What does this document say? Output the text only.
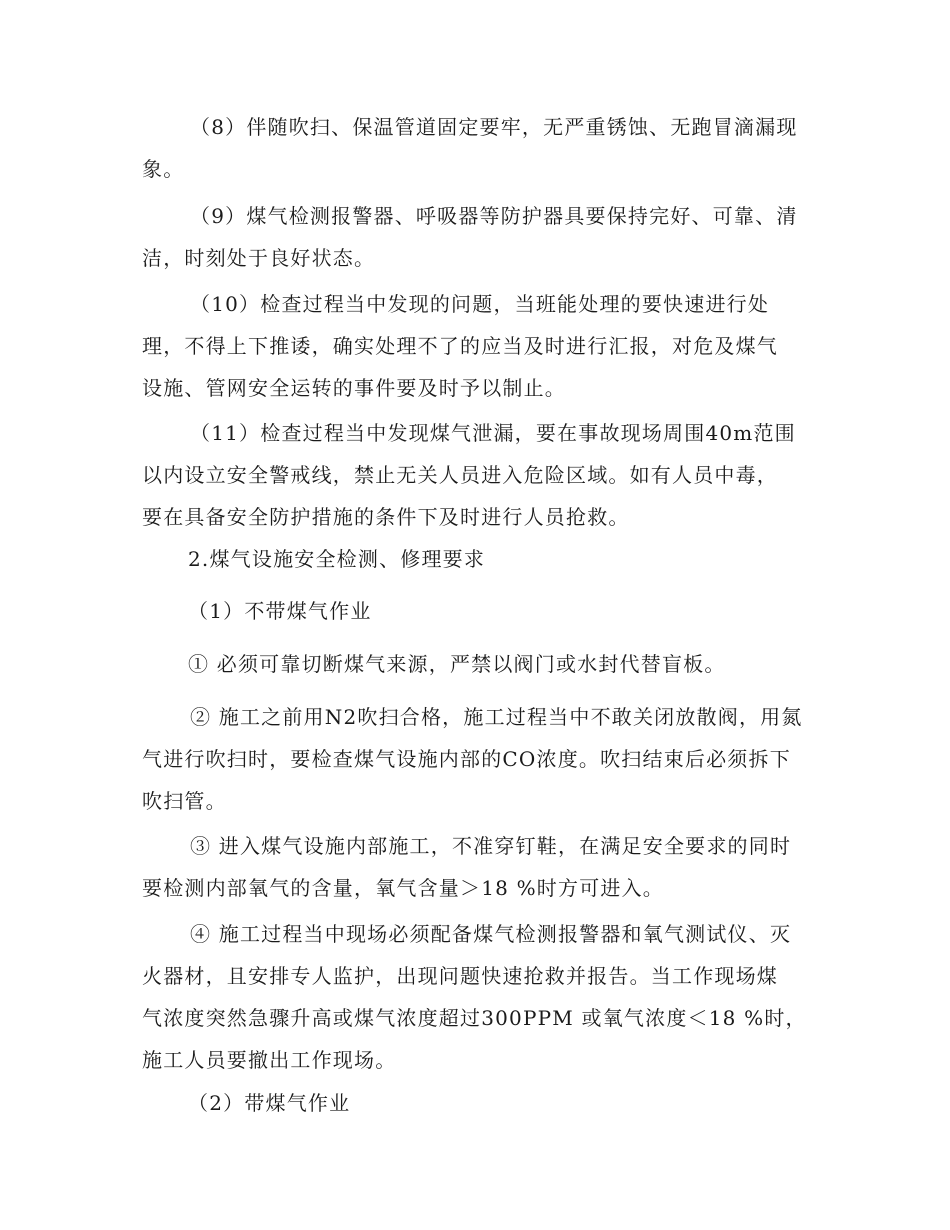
（8）伴随吹扫、保温管道固定要牢，无严重锈蚀、无跑冒滴漏现
象。

（9）煤气检测报警器、呼吸器等防护器具要保持完好、可靠、清
洁，时刻处于良好状态。

（10）检查过程当中发现的问题，当班能处理的要快速进行处
理，不得上下推诿，确实处理不了的应当及时进行汇报，对危及煤气
设施、管网安全运转的事件要及时予以制止。

（11）检查过程当中发现煤气泄漏，要在事故现场周围40m范围
以内设立安全警戒线，禁止无关人员进入危险区域。如有人员中毒，
要在具备安全防护措施的条件下及时进行人员抢救。

2.煤气设施安全检测、修理要求
（1）不带煤气作业
① 必须可靠切断煤气来源，严禁以阀门或水封代替盲板。

② 施工之前用N2吹扫合格，施工过程当中不敢关闭放散阀，用氮
气进行吹扫时，要检查煤气设施内部的CO浓度。吹扫结束后必须拆下
吹扫管。

③ 进入煤气设施内部施工，不准穿钉鞋，在满足安全要求的同时
要检测内部氧气的含量，氧气含量＞18 %时方可进入。

④ 施工过程当中现场必须配备煤气检测报警器和氧气测试仪、灭
火器材，且安排专人监护，出现问题快速抢救并报告。当工作现场煤
气浓度突然急骤升高或煤气浓度超过300PPM 或氧气浓度＜18 %时，
施工人员要撤出工作现场。

（2）带煤气作业
